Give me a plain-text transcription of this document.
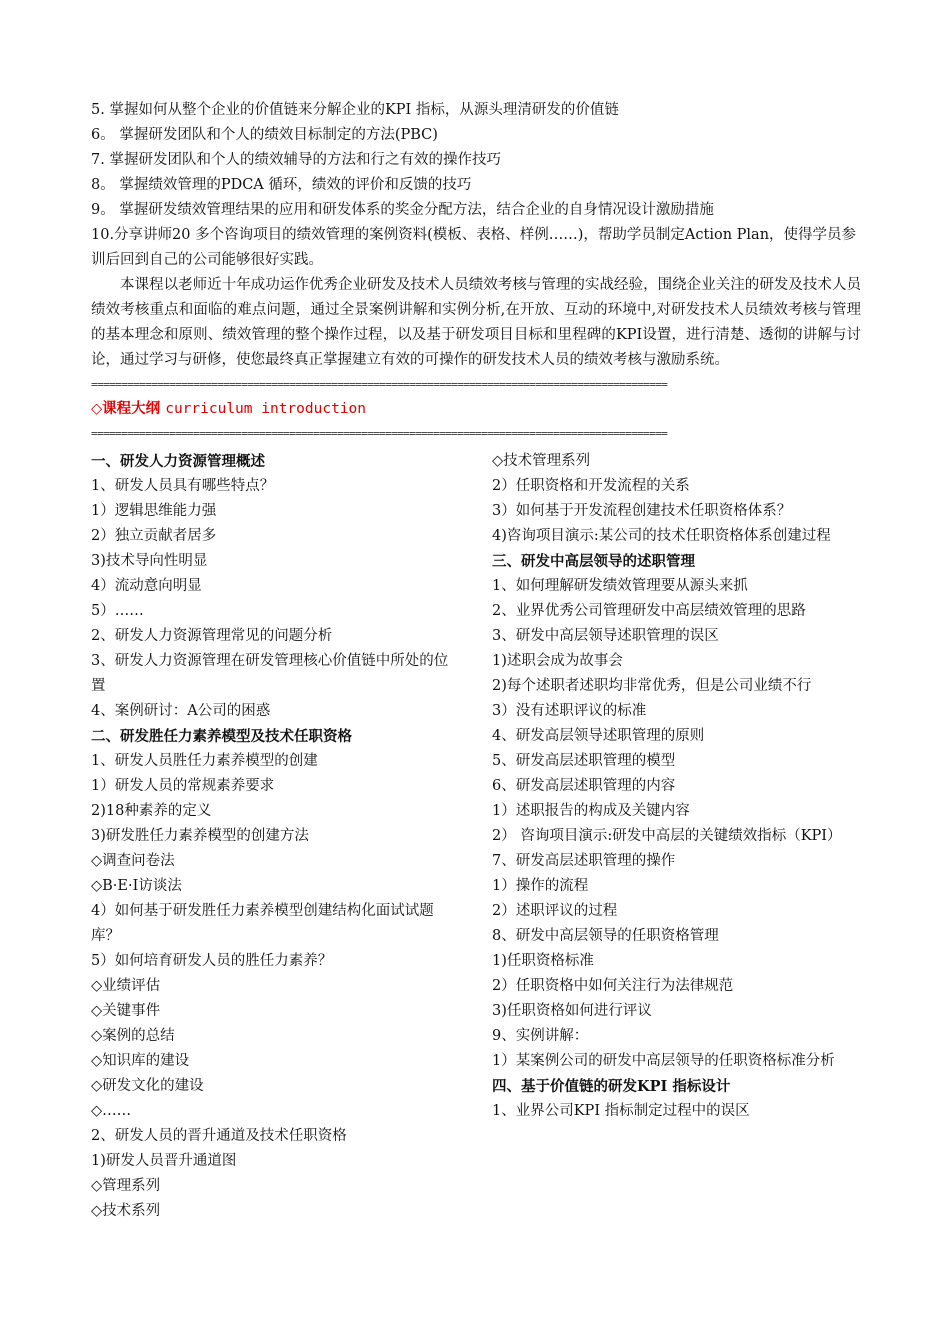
5. 掌握如何从整个企业的价值链来分解企业的KPI 指标，从源头理清研发的价值链
6。 掌握研发团队和个人的绩效目标制定的方法(PBC)
7. 掌握研发团队和个人的绩效辅导的方法和行之有效的操作技巧
8。 掌握绩效管理的PDCA 循环，绩效的评价和反馈的技巧
9。 掌握研发绩效管理结果的应用和研发体系的奖金分配方法，结合企业的自身情况设计激励措施
10.分享讲师20 多个咨询项目的绩效管理的案例资料(模板、表格、样例……)，帮助学员制定Action Plan，使得学员参训后回到自己的公司能够很好实践。
本课程以老师近十年成功运作优秀企业研发及技术人员绩效考核与管理的实战经验，围绕企业关注的研发及技术人员绩效考核重点和面临的难点问题，通过全景案例讲解和实例分析,在开放、互动的环境中,对研发技术人员绩效考核与管理的基本理念和原则、绩效管理的整个操作过程，以及基于研发项目目标和里程碑的KPI设置，进行清楚、透彻的讲解与讨论，通过学习与研修，使您最终真正掌握建立有效的可操作的研发技术人员的绩效考核与激励系统。
================================================================================================
◇课程大纲 curriculum introduction
================================================================================================
一、研发人力资源管理概述
1、研发人员具有哪些特点？
1）逻辑思维能力强
2）独立贡献者居多
3)技术导向性明显
4）流动意向明显
5）……
2、研发人力资源管理常见的问题分析
3、研发人力资源管理在研发管理核心价值链中所处的位置
4、案例研讨：A公司的困惑
二、研发胜任力素养模型及技术任职资格
1、研发人员胜任力素养模型的创建
1）研发人员的常规素养要求
2)18种素养的定义
3)研发胜任力素养模型的创建方法
◇调查问卷法
◇B·E·I访谈法
4）如何基于研发胜任力素养模型创建结构化面试试题库？
5）如何培育研发人员的胜任力素养？
◇业绩评估
◇关键事件
◇案例的总结
◇知识库的建设
◇研发文化的建设
◇……
2、研发人员的晋升通道及技术任职资格
1)研发人员晋升通道图
◇管理系列
◇技术系列
◇技术管理系列
2）任职资格和开发流程的关系
3）如何基于开发流程创建技术任职资格体系？
4)咨询项目演示:某公司的技术任职资格体系创建过程
三、研发中高层领导的述职管理
1、如何理解研发绩效管理要从源头来抓
2、业界优秀公司管理研发中高层绩效管理的思路
3、研发中高层领导述职管理的误区
1)述职会成为故事会
2)每个述职者述职均非常优秀，但是公司业绩不行
3）没有述职评议的标准
4、研发高层领导述职管理的原则
5、研发高层述职管理的模型
6、研发高层述职管理的内容
1）述职报告的构成及关键内容
2） 咨询项目演示:研发中高层的关键绩效指标（KPI）
7、研发高层述职管理的操作
1）操作的流程
2）述职评议的过程
8、研发中高层领导的任职资格管理
1)任职资格标准
2）任职资格中如何关注行为法律规范
3)任职资格如何进行评议
9、实例讲解：
1）某案例公司的研发中高层领导的任职资格标准分析
四、基于价值链的研发KPI 指标设计
1、业界公司KPI 指标制定过程中的误区
